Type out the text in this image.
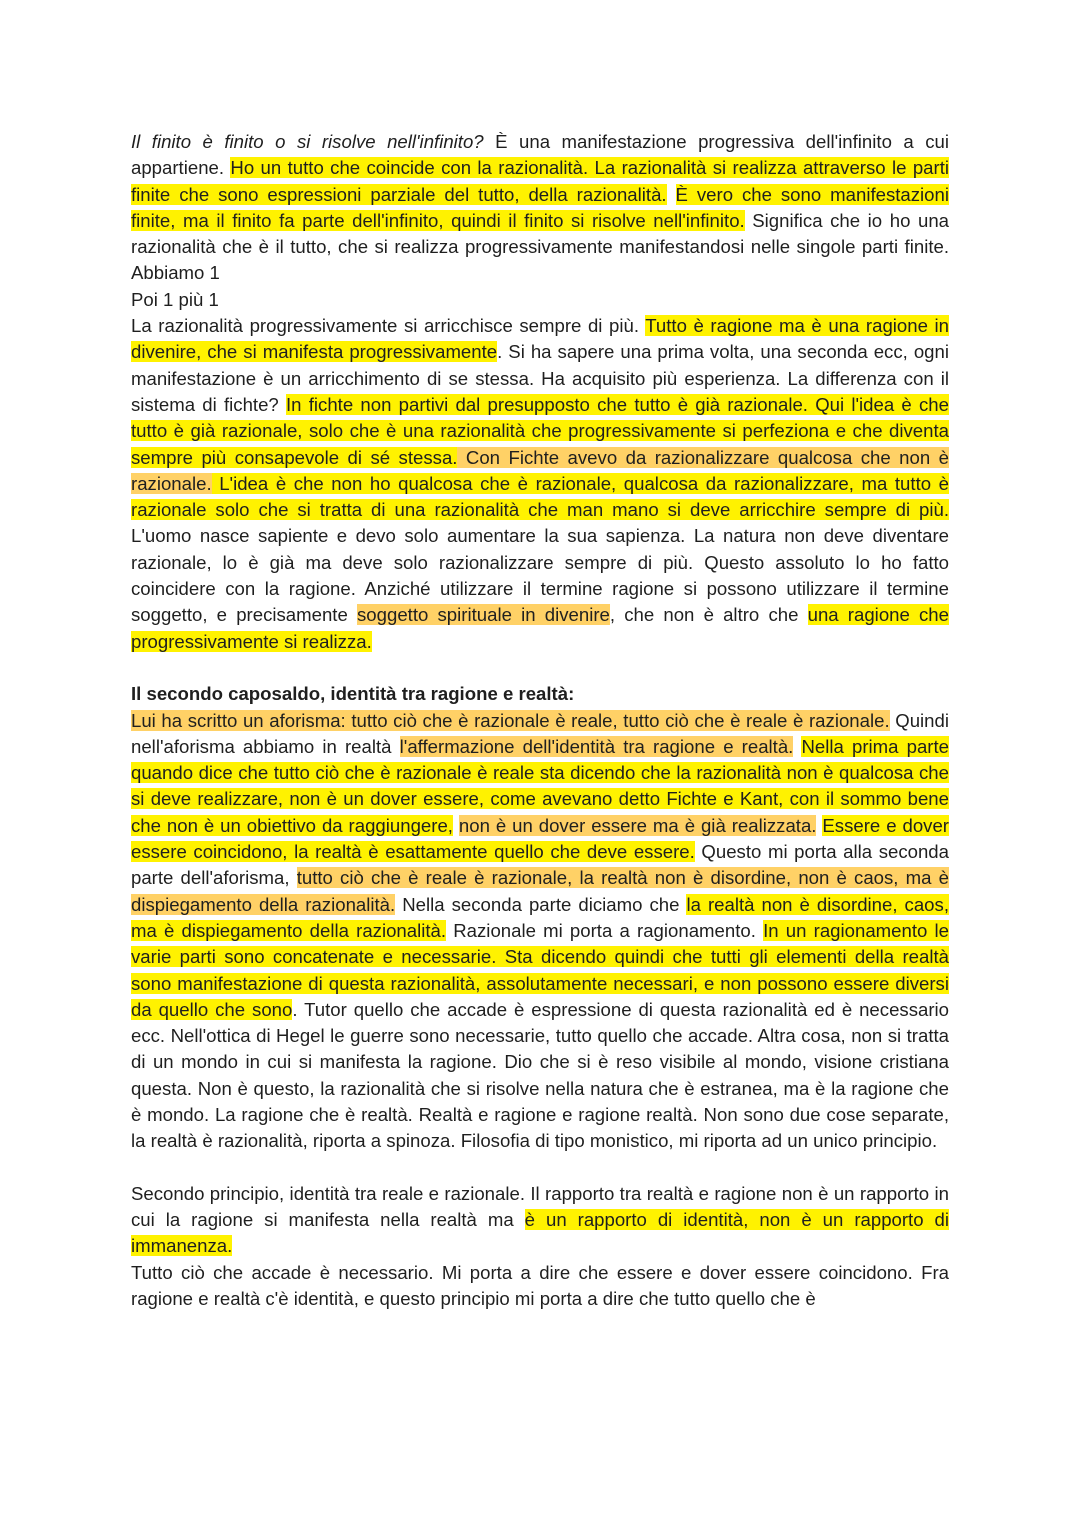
Il finito è finito o si risolve nell'infinito? È una manifestazione progressiva dell'infinito a cui appartiene. Ho un tutto che coincide con la razionalità. La razionalità si realizza attraverso le parti finite che sono espressioni parziale del tutto, della razionalità. È vero che sono manifestazioni finite, ma il finito fa parte dell'infinito, quindi il finito si risolve nell'infinito. Significa che io ho una razionalità che è il tutto, che si realizza progressivamente manifestandosi nelle singole parti finite. Abbiamo 1

Poi 1 più 1

La razionalità progressivamente si arricchisce sempre di più. Tutto è ragione ma è una ragione in divenire, che si manifesta progressivamente. Si ha sapere una prima volta, una seconda ecc, ogni manifestazione è un arricchimento di se stessa. Ha acquisito più esperienza. La differenza con il sistema di fichte? In fichte non partivi dal presupposto che tutto è già razionale. Qui l'idea è che tutto è già razionale, solo che è una razionalità che progressivamente si perfeziona e che diventa sempre più consapevole di sé stessa. Con Fichte avevo da razionalizzare qualcosa che non è razionale. L'idea è che non ho qualcosa che è razionale, qualcosa da razionalizzare, ma tutto è razionale solo che si tratta di una razionalità che man mano si deve arricchire sempre di più. L'uomo nasce sapiente e devo solo aumentare la sua sapienza. La natura non deve diventare razionale, lo è già ma deve solo razionalizzare sempre di più. Questo assoluto lo ho fatto coincidere con la ragione. Anziché utilizzare il termine ragione si possono utilizzare il termine soggetto, e precisamente soggetto spirituale in divenire, che non è altro che una ragione che progressivamente si realizza.

Il secondo caposaldo, identità tra ragione e realtà:

Lui ha scritto un aforisma: tutto ciò che è razionale è reale, tutto ciò che è reale è razionale. Quindi nell'aforisma abbiamo in realtà l'affermazione dell'identità tra ragione e realtà. Nella prima parte quando dice che tutto ciò che è razionale è reale sta dicendo che la razionalità non è qualcosa che si deve realizzare, non è un dover essere, come avevano detto Fichte e Kant, con il sommo bene che non è un obiettivo da raggiungere, non è un dover essere ma è già realizzata. Essere e dover essere coincidono, la realtà è esattamente quello che deve essere. Questo mi porta alla seconda parte dell'aforisma, tutto ciò che è reale è razionale, la realtà non è disordine, non è caos, ma è dispiegamento della razionalità. Nella seconda parte diciamo che la realtà non è disordine, caos, ma è dispiegamento della razionalità. Razionale mi porta a ragionamento. In un ragionamento le varie parti sono concatenate e necessarie. Sta dicendo quindi che tutti gli elementi della realtà sono manifestazione di questa razionalità, assolutamente necessari, e non possono essere diversi da quello che sono. Tutor quello che accade è espressione di questa razionalità ed è necessario ecc. Nell'ottica di Hegel le guerre sono necessarie, tutto quello che accade. Altra cosa, non si tratta di un mondo in cui si manifesta la ragione. Dio che si è reso visibile al mondo, visione cristiana questa. Non è questo, la razionalità che si risolve nella natura che è estranea, ma è la ragione che è mondo. La ragione che è realtà. Realtà e ragione e ragione realtà. Non sono due cose separate, la realtà è razionalità, riporta a spinoza. Filosofia di tipo monistico, mi riporta ad un unico principio.

Secondo principio, identità tra reale e razionale. Il rapporto tra realtà e ragione non è un rapporto in cui la ragione si manifesta nella realtà ma è un rapporto di identità, non è un rapporto di immanenza.

Tutto ciò che accade è necessario. Mi porta a dire che essere e dover essere coincidono. Fra ragione e realtà c'è identità, e questo principio mi porta a dire che tutto quello che è
